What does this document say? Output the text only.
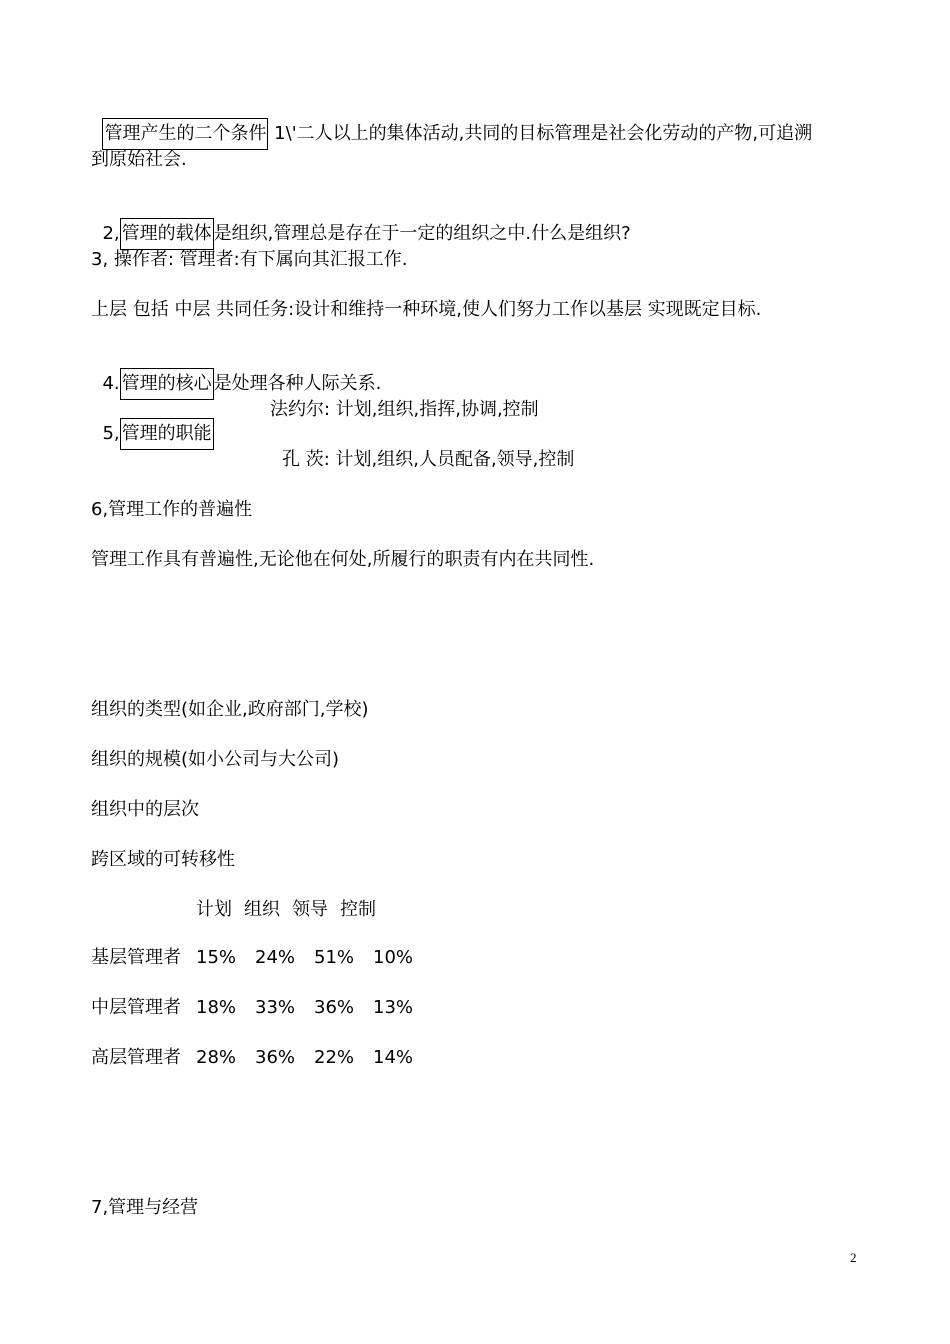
管理产生的二个条件 1\'二人以上的集体活动,共同的目标管理是社会化劳动的产物,可追溯

到原始社会.

2, 管理的载体 是组织,管理总是存在于一定的组织之中.什么是组织?

3, 操作者: 管理者:有下属向其汇报工作.
上层 包括 中层 共同任务:设计和维持一种环境,使人们努力工作以基层 实现既定目标.

4. 管理的核心 是处理各种人际关系.

5, 管理的职能

法约尔: 计划,组织,指挥,协调,控制
孔 茨: 计划,组织,人员配备,领导,控制
6,管理工作的普遍性
管理工作具有普遍性,无论他在何处,所履行的职责有内在共同性.
组织的类型(如企业,政府部门,学校)
组织的规模(如小公司与大公司)
组织中的层次
跨区域的可转移性
计划 组织 领导 控制
基层管理者 15% 24% 51% 10%
中层管理者 18% 33% 36% 13%
高层管理者 28% 36% 22% 14%
7,管理与经营
2
